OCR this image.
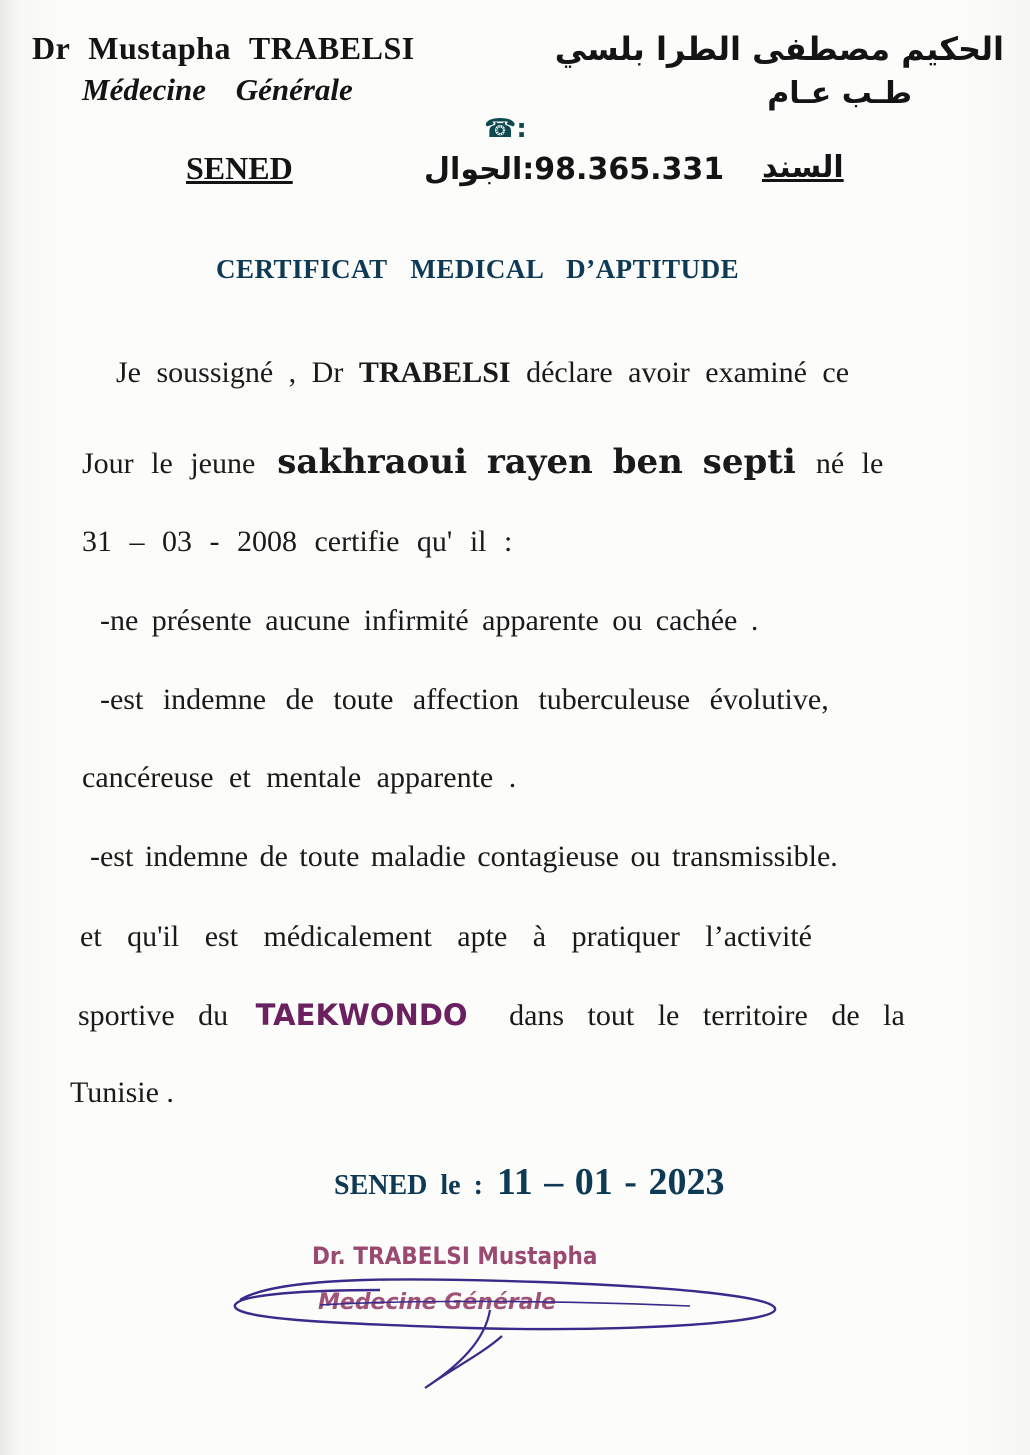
Dr Mustapha TRABELSI
Médecine Générale
الحكيم مصطفى الطرا بلسي
طـب عـام
☎:
SENED	98.365.331:الجوال السند
CERTIFICAT MEDICAL D’APTITUDE
Je soussigné , Dr TRABELSI déclare avoir examiné ce
Jour le jeune sakhraoui rayen ben septi né le
31 – 03 - 2008 certifie qu' il :
-ne présente aucune infirmité apparente ou cachée .
-est indemne de toute affection tuberculeuse évolutive,
cancéreuse et mentale apparente .
-est indemne de toute maladie contagieuse ou transmissible.
et qu'il est médicalement apte à pratiquer l’activité
sportive du TAEKWONDO dans tout le territoire de la
Tunisie .
SENED le : 11 – 01 - 2023
Dr. TRABELSI Mustapha
Medecine Générale
